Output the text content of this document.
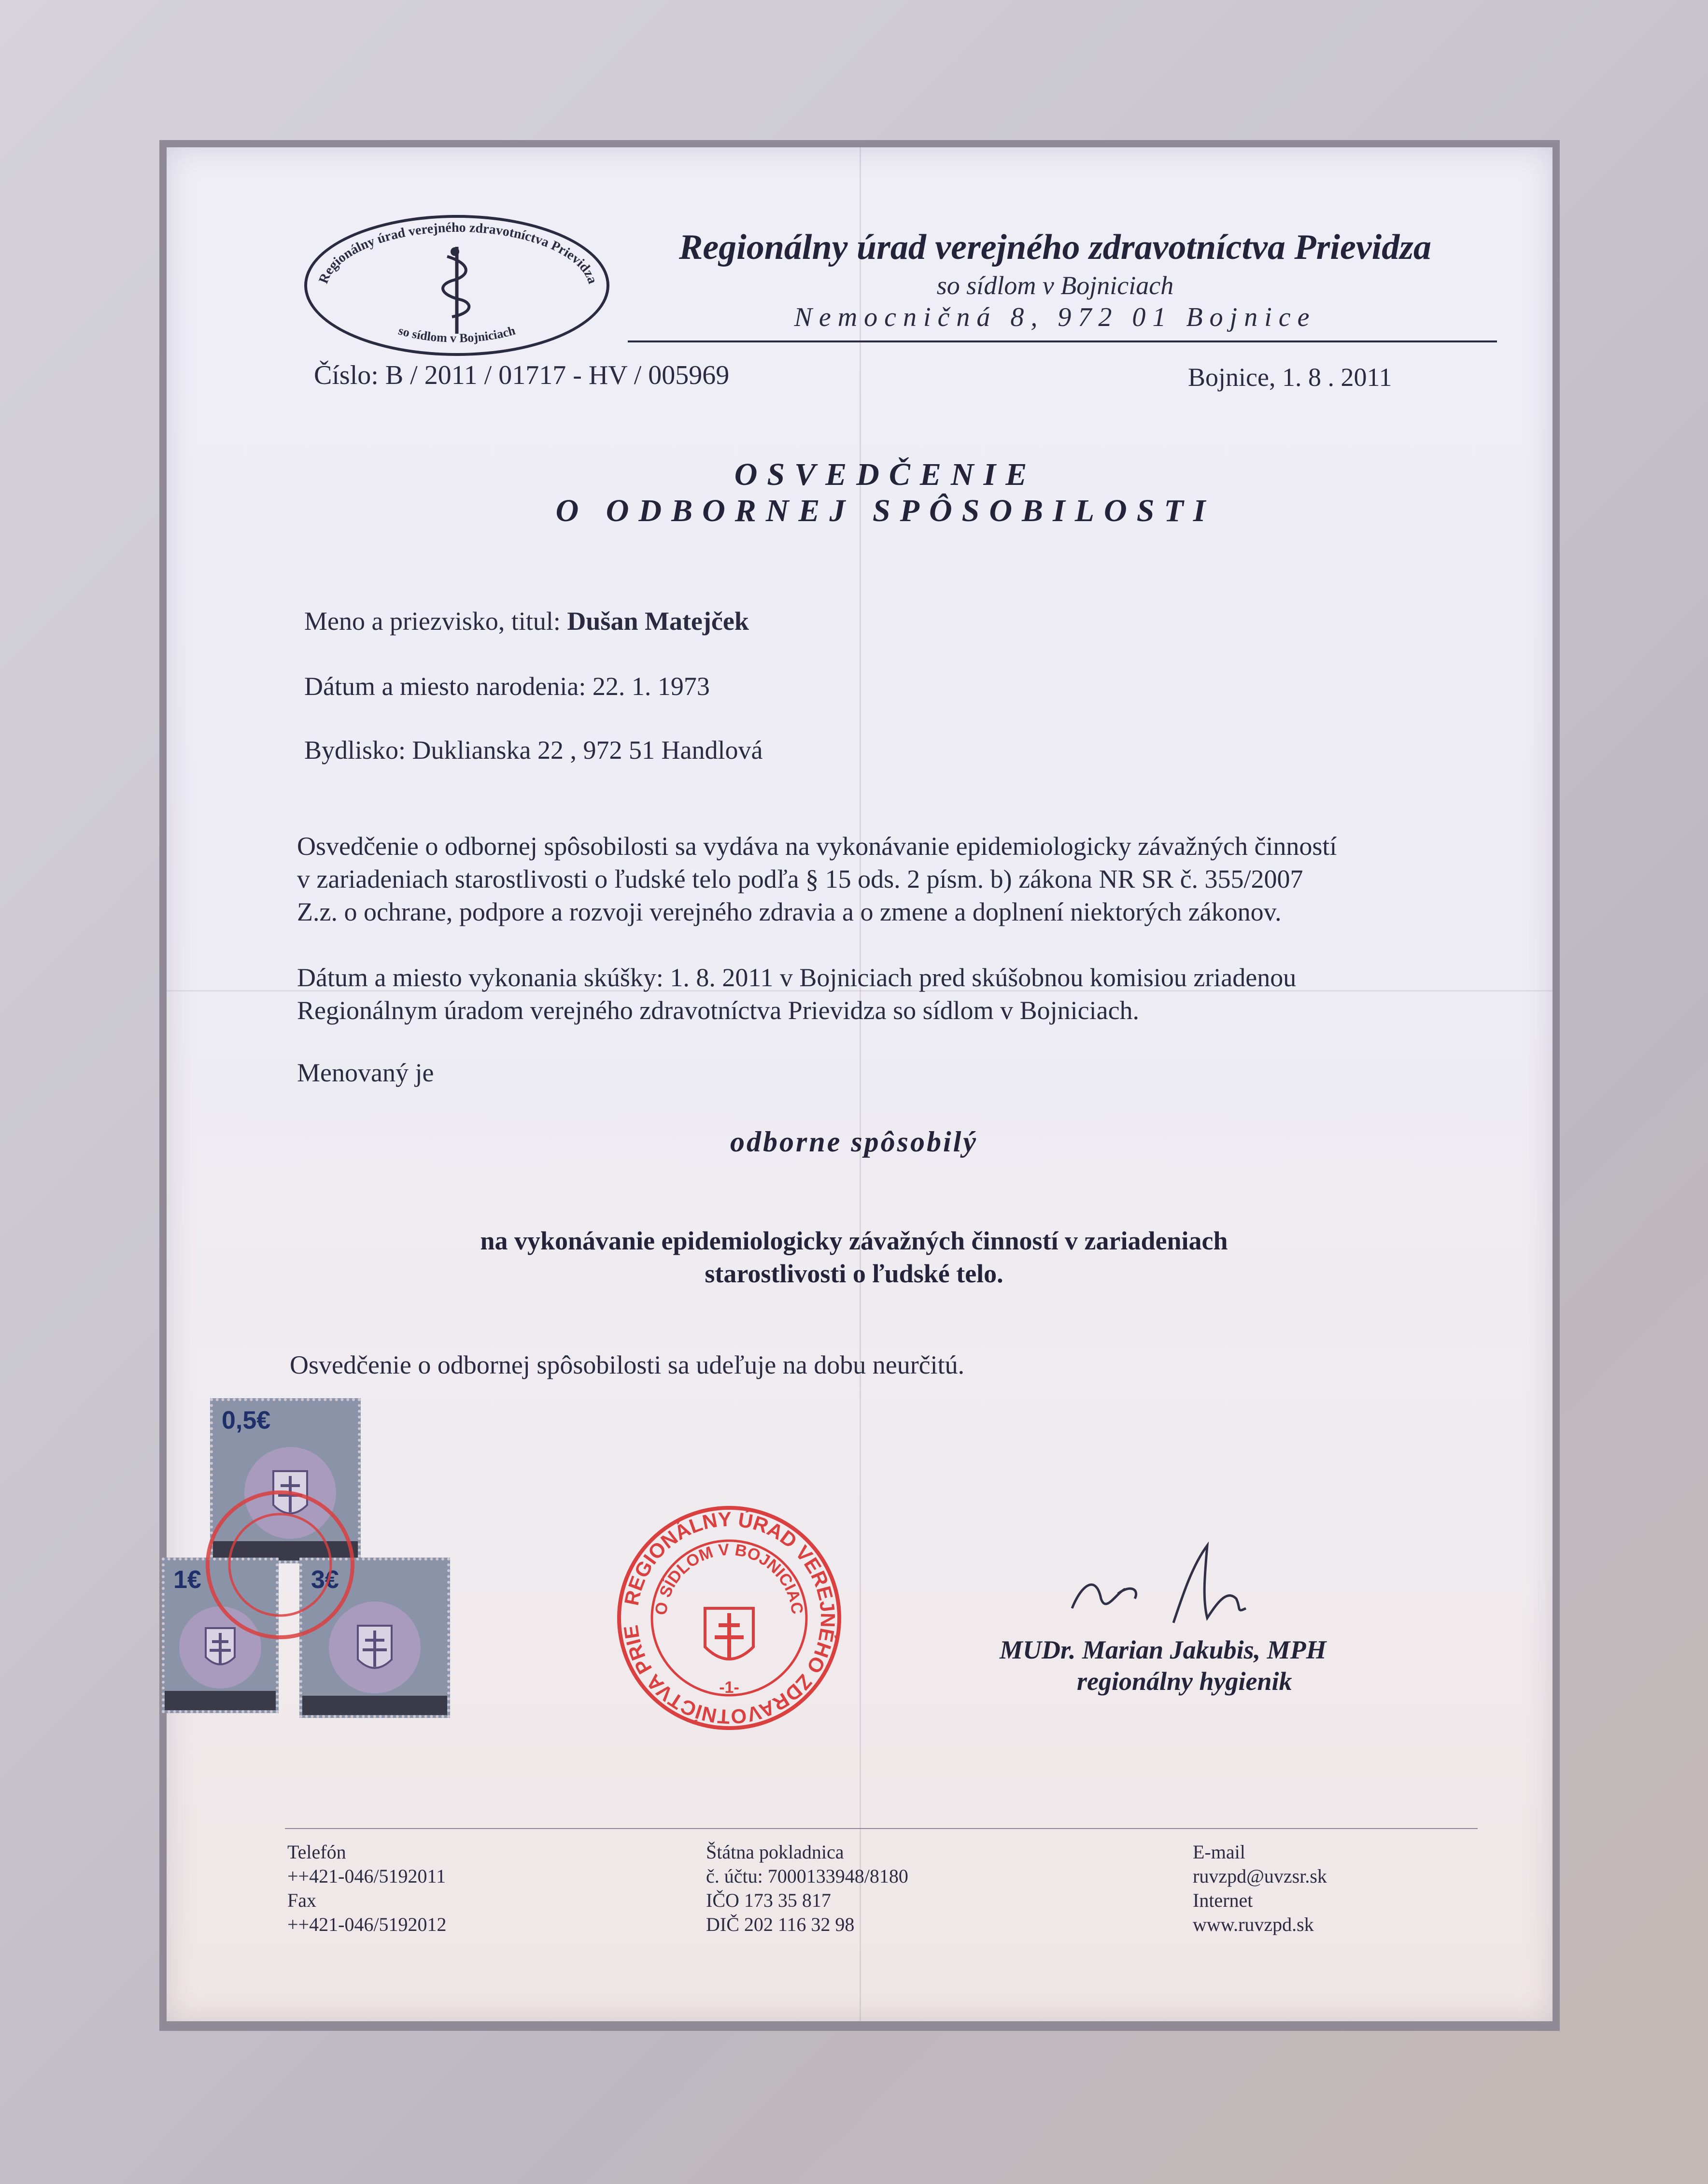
Regionálny úrad verejného zdravotníctva Prievidza
so sídlom v Bojniciach
Regionálny úrad verejného zdravotníctva Prievidza
so sídlom v Bojniciach
Nemocničná 8, 972 01 Bojnice
Číslo: B / 2011 / 01717 - HV / 005969	Bojnice, 1. 8 . 2011
OSVEDČENIE
O ODBORNEJ SPÔSOBILOSTI
Meno a priezvisko, titul: Dušan Matejček
Dátum a miesto narodenia: 22. 1. 1973
Bydlisko: Duklianska 22 , 972 51 Handlová
Osvedčenie o odbornej spôsobilosti sa vydáva na vykonávanie epidemiologicky závažných činností
v zariadeniach starostlivosti o ľudské telo podľa § 15 ods. 2 písm. b) zákona NR SR č. 355/2007
Z.z. o ochrane, podpore a rozvoji verejného zdravia a o zmene a doplnení niektorých zákonov.
Dátum a miesto vykonania skúšky: 1. 8. 2011 v Bojniciach pred skúšobnou komisiou zriadenou
Regionálnym úradom verejného zdravotníctva Prievidza so sídlom v Bojniciach.
Menovaný je
odborne spôsobilý
na vykonávanie epidemiologicky závažných činností v zariadeniach
starostlivosti o ľudské telo.
Osvedčenie o odbornej spôsobilosti sa udeľuje na dobu neurčitú.
0,5€
1€	3€
REGIONÁLNY ÚRAD VEREJNÉHO ZDRAVOTNÍCTVA PRIE
O SÍDLOM V BOJNICIAC
-1-
MUDr. Marian Jakubis, MPH
regionálny hygienik
Telefón
++421-046/5192011
Fax
++421-046/5192012
Štátna pokladnica
č. účtu: 7000133948/8180
IČO 173 35 817
DIČ 202 116 32 98
E-mail
ruvzpd@uvzsr.sk
Internet
www.ruvzpd.sk
